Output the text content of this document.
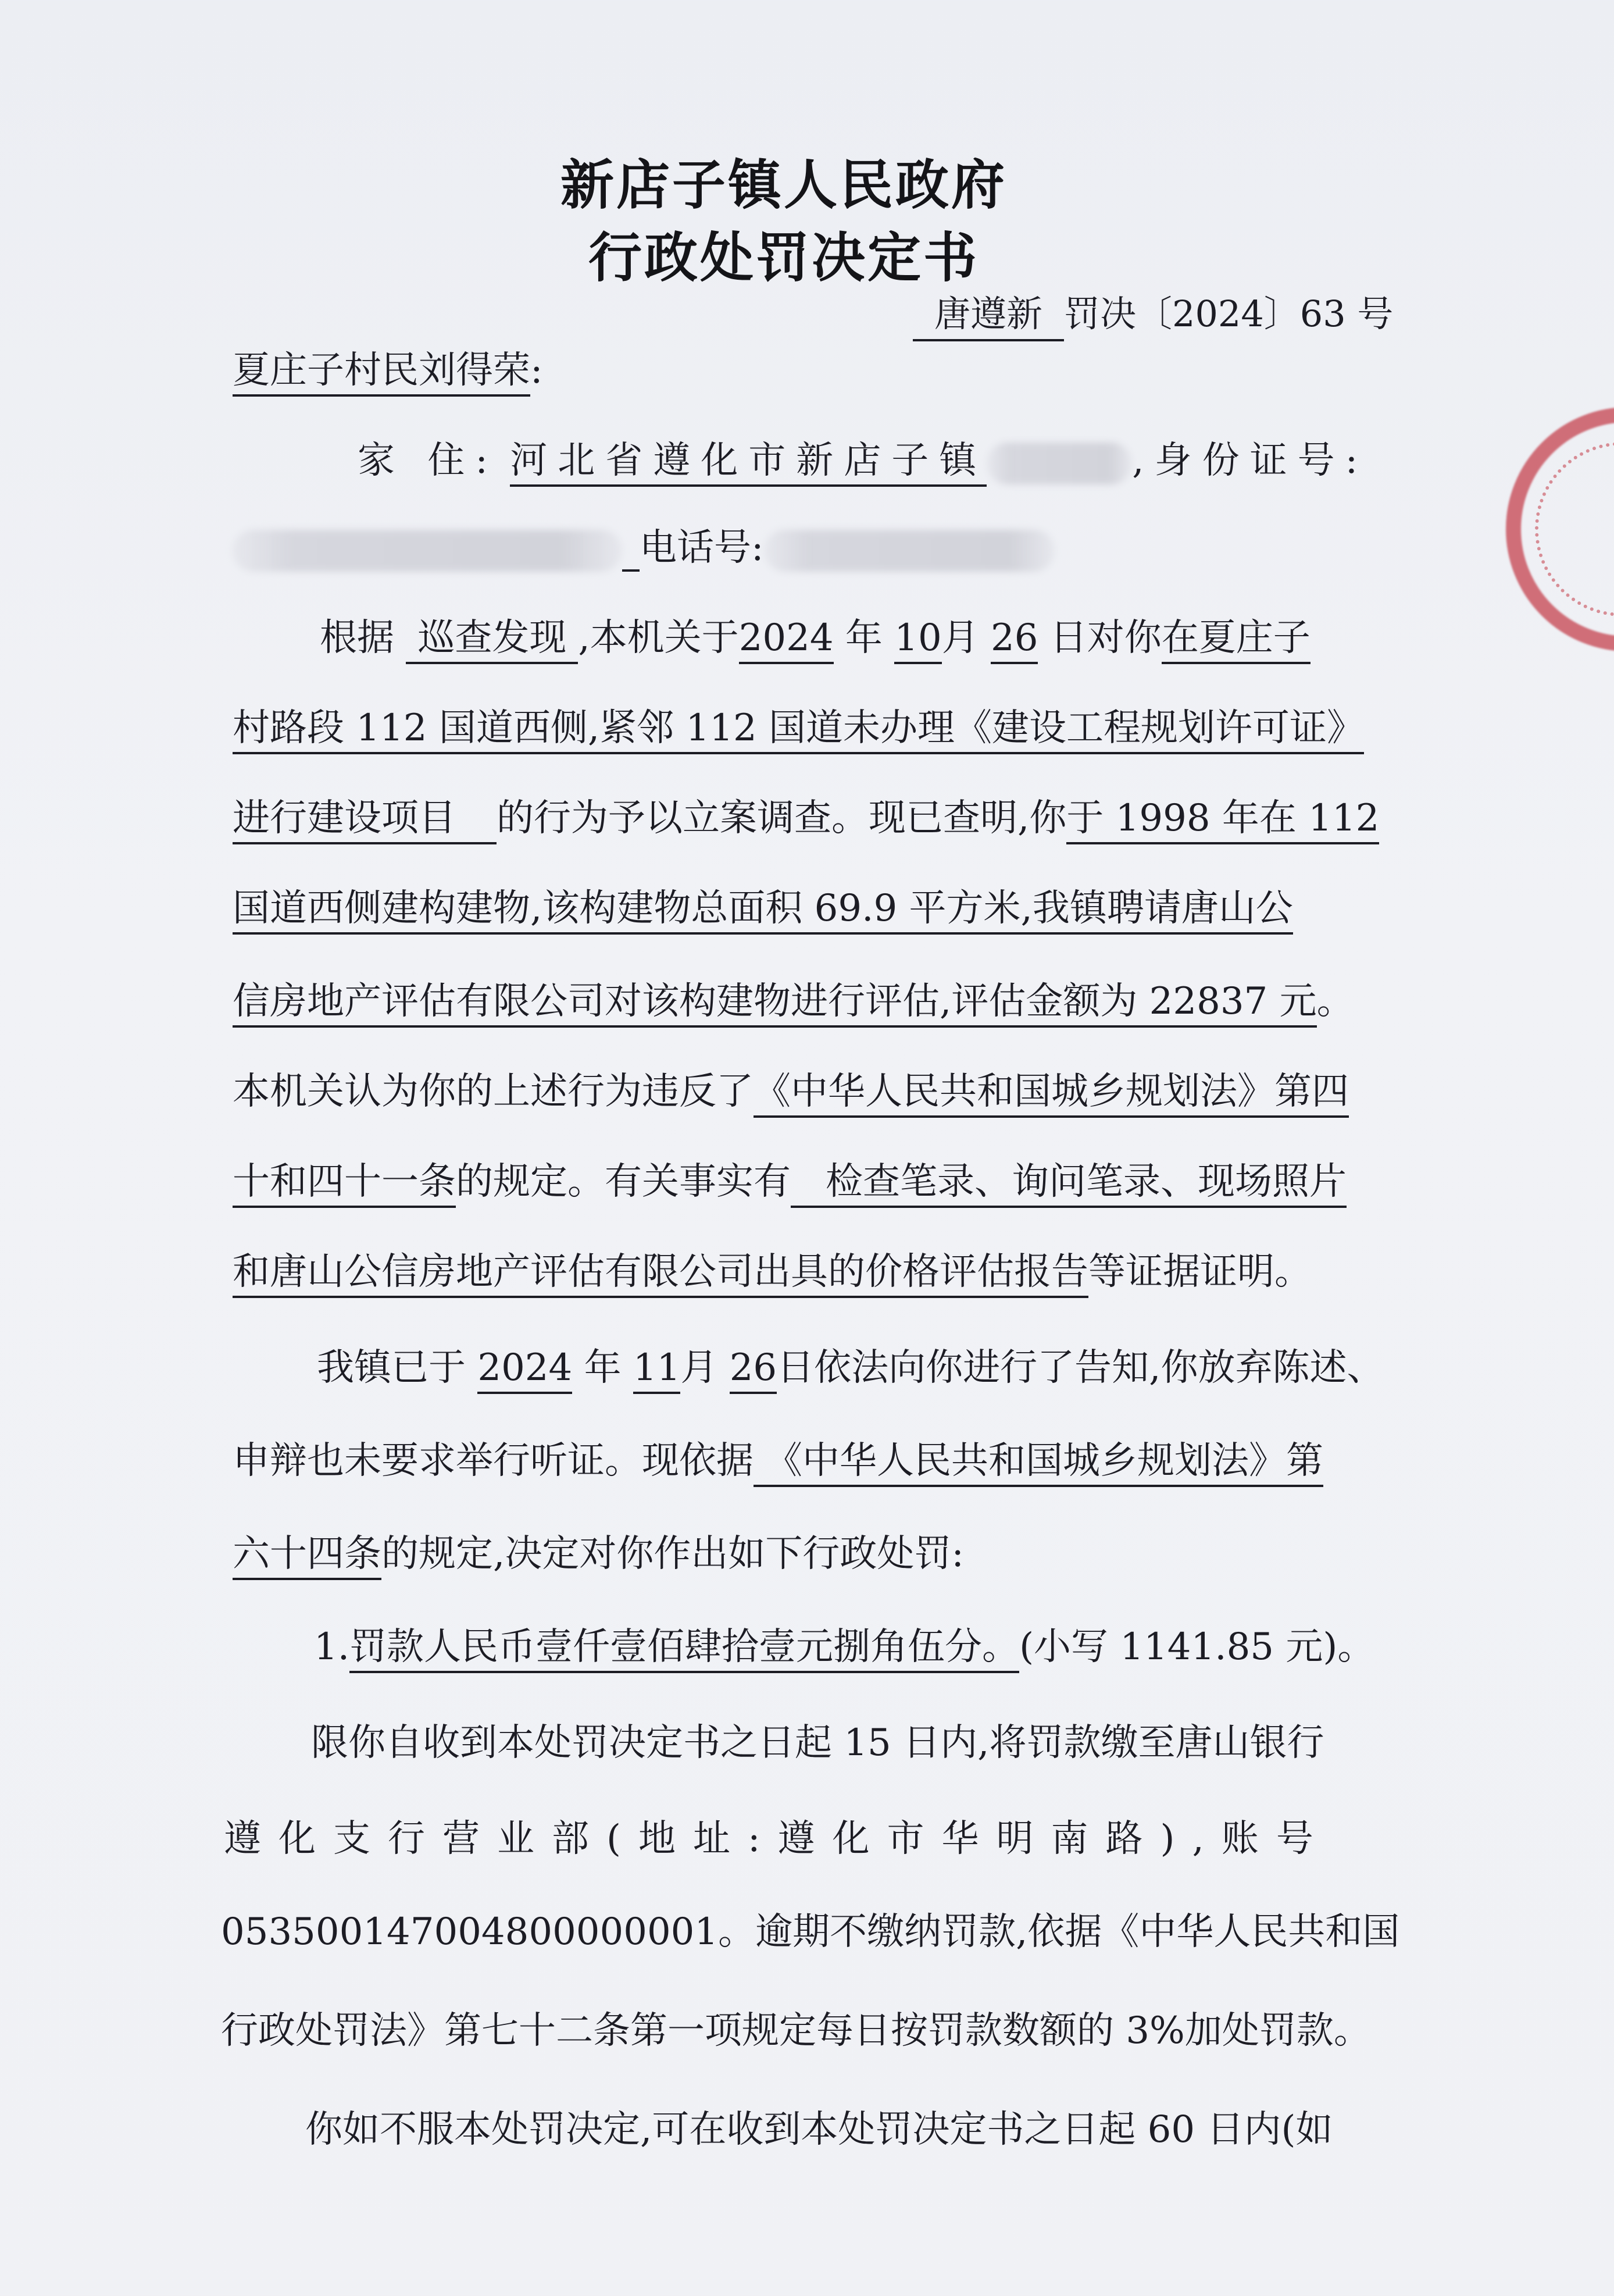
新店子镇人民政府
行政处罚决定书
唐遵新 罚决〔2024〕63 号
夏庄子村民刘得荣:
家 住: 河北省遵化市新店子镇	,身份证号:
电话号:
根据 巡查发现 ,本机关于2024 年 10月 26 日对你在夏庄子
村路段 112 国道西侧,紧邻 112 国道未办理《建设工程规划许可证》
进行建设项目 的行为予以立案调查。现已查明,你于 1998 年在 112
国道西侧建构建物,该构建物总面积 69.9 平方米,我镇聘请唐山公
信房地产评估有限公司对该构建物进行评估,评估金额为 22837 元。
本机关认为你的上述行为违反了《中华人民共和国城乡规划法》第四
十和四十一条的规定。有关事实有 检查笔录、询问笔录、现场照片
和唐山公信房地产评估有限公司出具的价格评估报告等证据证明。
我镇已于 2024 年 11月 26日依法向你进行了告知,你放弃陈述、
申辩也未要求举行听证。现依据 《中华人民共和国城乡规划法》第
六十四条的规定,决定对你作出如下行政处罚:
1.罚款人民币壹仟壹佰肆拾壹元捌角伍分。(小写 1141.85 元)。
限你自收到本处罚决定书之日起 15 日内,将罚款缴至唐山银行
遵化支行营业部(地址:遵化市华明南路),账号
053500147004800000001。逾期不缴纳罚款,依据《中华人民共和国
行政处罚法》第七十二条第一项规定每日按罚款数额的 3%加处罚款。
你如不服本处罚决定,可在收到本处罚决定书之日起 60 日内(如
